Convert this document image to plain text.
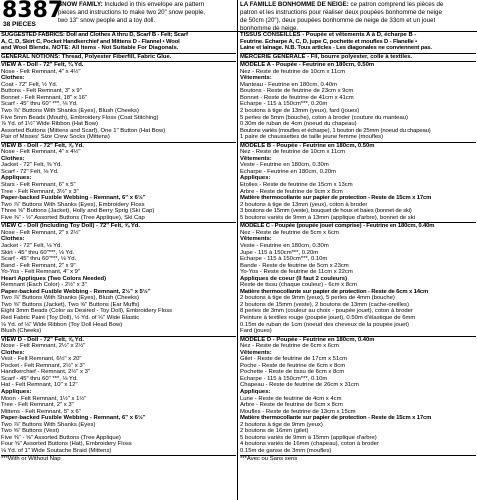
8387
38 PIECES
SNOW FAMILY: Included in this envelope are pattern
pieces and instructions to make two 20" snow people,
two 13" snow people and a toy doll.
LA FAMILLE BONHOMME DE NEIGE: ce patron comprend les pièces de
patron et les instructions pour réaliser deux poupées bonhomme de neige
de 50cm (20"), deux poupées bonhomme de neige de 33cm et un jouet
bonhomme de neige.
SUGGESTED FABRICS: Doll and Clothes A thru D, Scarf B - Felt; Scarf
A, C, D, Skirt C, Pocket Handkerchief and Mittens D - Flannel • Wool
and Wool Blends. NOTE: All Items - Not Suitable For Diagonals.
GENERAL NOTIONS: Thread, Polyester Fiberfill, Fabric Glue.
VIEW A - Doll - 72" Felt, ¾ Yd.
Nose - Felt Remnant, 4" x 4½"
Clothes:
Coat - 72" Felt, ½ Yd.
Buttons - Felt Remnant, 3" x 9"
Bonnet - Felt Remnant, 18" x 16"
Scarf - 45" thru 60" ***, ⅛ Yd.
Two ⅞" Buttons With Shanks (Eyes), Blush (Cheeks)
Five 5mm Beads (Mouth), Embroidery Floss (Coat Stitching)
⅞ Yd. of 1½" Wide Ribbon (Hat Bow)
Assorted Buttons (Mittens and Scarf), One 1" Button (Hat Bow)
Pair of Misses' Size Crew Socks (Mittens)
VIEW B - Doll - 72" Felt, ⅝ Yd.
Nose - Felt Remnant, 4" x 4½"
Clothes:
Jacket - 72" Felt, ⅜ Yd.
Scarf - 72" Felt, ⅛ Yd.
Appliques:
Stars - Felt Remnant, 6" x 5"
Tree - Felt Remnant, 3½" x 3"
Paper-backed Fusible Webbing - Remnant, 6" x 6½"
Two ⅞" Buttons With Shanks (Eyes), Embroidery Floss
Three ⅝" Buttons (Jacket), Holly and Berry Sprig (Ski Cap)
Five ⅜" - ½" Assorted Buttons (Tree Applique), Ski Cap
VIEW C - Doll (Including Toy Doll) - 72" Felt, ⅝ Yd.
Nose - Felt Remnant, 2" x 2½"
Clothes:
Jacket - 72" Felt, ⅛ Yd.
Skirt - 45" thru 60"***, ⅛ Yd.
Scarf - 45" thru 60"***, ⅛ Yd.
Band - Felt Remnant, 2" x 9"
Yo-Yos - Felt Remnant, 4" x 9"
Heart Appliques (Two Colors Needed)
Remnant (Each Color) - 2½" x 3"
Paper-backed Fusible Webbing - Remnant, 2½" x 5½"
Two ⅞" Buttons With Shanks (Eyes), Blush (Cheeks)
Two ⅝" Buttons (Jacket), Two ⅝" Buttons (Ear Muffs)
Eight 3mm Beads (Color as Desired - Toy Doll), Embroidery Floss
Red Fabric Paint (Toy Doll), ½ Yd. of ¼" Wide Elastic
⅛ Yd. of ⅛" Wide Ribbon (Toy Doll Head Bow)
Blush (Cheeks)
VIEW D - Doll - 72" Felt, ⅝ Yd.
Nose - Felt Remnant, 2½" x 2½"
Clothes:
Vest - Felt Remnant, 6½" x 20"
Pocket - Felt Remnant, 2½" x 3"
Handkerchief - Remnant, 2½" x 3"
Scarf - 45" thru 60" ***, ⅛ Yd.
Hat - Felt Remnant, 10" x 12"
Appliques:
Moon - Felt Remnant, 1½" x 1½"
Tree - Felt Remnant, 2" x 3"
Mittens - Felt Remnant, 5" x 6"
Paper-backed Fusible Webbing - Remnant, 6" x 6½"
Two ⅞" Buttons With Shanks (Eyes)
Two ⅝" Buttons (Vest)
Five ⅜" - ⅝" Assorted Buttons (Tree Applique)
Four ⅝" Assorted Buttons (Hat), Embroidery Floss
⅛ Yd. of 1" Wide Soutache Braid (Mittens)
***With or Without Nap
TISSUS CONSEILLES - Poupée et vêtements A à D, écharpe B -
Feutrine. Écharpe A, C, D, jupe C, pochette et moufles D - Flanelle •
Laine et lainage. N.B. Tous articles - Les diagonales ne conviennent pas.
MERCERIE GENERALE - Fil, bourre polyester, colle à textiles.
MODELE A - Poupée - Feutrine en 180cm, 0.50m
Nez - Reste de feutrine de 10cm x 11cm
Vêtements:
Manteau - Feutrine en 180cm, 0.40m
Boutons - Reste de feutrine de 23cm x 9cm
Bonnet - Reste de feutrine de 41cm x 41cm
Écharpe - 115 à 150cm***, 0.20m
2 boutons à tige de 13mm (yeux), fard (joues)
5 perles de 5mm (bouche), coton à broder (couture du manteau)
0.30m de ruban de 4cm (noeud du chapeau)
Boutons variés (moufles et écharpe), 1 bouton de 25mm (noeud du chapeau)
1 paire de chaussettes de taille jeune femme (moufles)
MODELE B - Poupée - Feutrine en 180cm, 0.50m
Nez - Reste de feutrine de 10cm x 11cm
Vêtements:
Veste - Feutrine en 180cm, 0.30m
Écharpe - Feutrine en 180cm, 0.20m
Appliques:
Étoiles - Reste de feutrine de 15cm x 13cm
Arbre - Reste de feutrine de 9cm x 8cm
Matière thermocollante sur papier de protection - Reste de 15cm x 17cm
2 boutons à tige de 13mm (yeux), coton à broder
3 boutons de 15mm (veste), bouquet de houx et baies (bonnet de ski)
5 boutons variés de 9mm à 13mm (applique d'arbre), bonnet de ski
MODELE C - Poupée (poupée jouet comprise) - Feutrine en 180cm, 0.40m
Nez - Reste de feutrine de 5cm x 6cm
Vêtements:
Veste - Feutrine en 180cm, 0.30m
Jupe - 115 à 150cm***, 0.20m
Écharpe - 115 à 150cm***, 0.10m
Bande - Reste de feutrine de 5cm x 23cm
Yo-Yos - Reste de feutrine de 11cm x 22cm
Appliques de coeur (Il faut 2 couleurs)
Reste de tissu (chaque couleur) - 6cm x 8cm
Matière thermocollante sur papier de protection - Reste de 6cm x 14cm
2 boutons à tige de 9mm (yeux), 5 perles de 4mm (bouche)
2 boutons de 15mm (veste), 2 boutons de 13mm (cache-oreilles)
8 perles de 3mm (couleur au choix - poupée jouet), coton à broder
Peinture à textiles rouge (poupée jouet), 0.50m d'élastique de 6mm
0.15m de ruban de 1cm (noeud des cheveux de la poupée jouet)
Fard (joues)
MODELE D - Poupée - Feutrine en 180cm, 0.40m
Nez - Reste de feutrine de 6cm x 6cm
Vêtements:
Gilet - Reste de feutrine de 17cm x 51cm
Poche - Reste de feutrine de 6cm x 8cm
Pochette - Reste de tissu de 6cm x 8cm
Écharpe - 115 à 150cm***, 0.10m
Chapeau - Reste de feutrine de 26cm x 31cm
Appliques:
Lune - Reste de feutrine de 4cm x 4cm
Arbre - Reste de feutrine de 5cm x 8cm
Moufles - Reste de feutrine de 13cm x 15cm
Matière thermocollante sur papier de protection - Reste de 15cm x 17cm
2 boutons à tige de 9mm (yeux)
2 boutons de 16mm (gilet)
5 boutons variés de 9mm à 15mm (applique d'arbre)
4 boutons variés de 16mm (chapeau), coton à broder
0.15m de ganse de 3mm (moufles)
***Avec ou Sans sens
